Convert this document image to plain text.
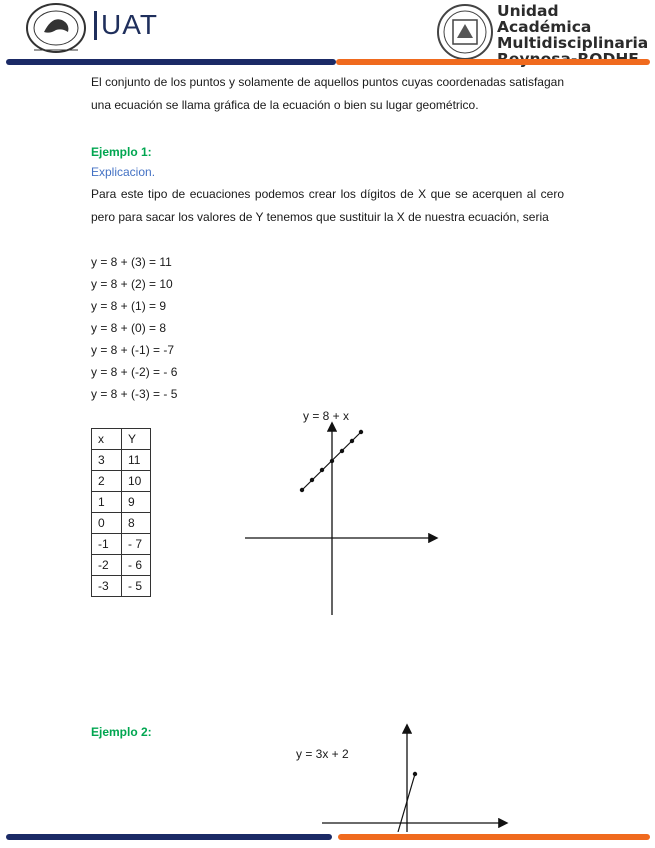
UAT	Unidad Académica
Multidisciplinaria
El conjunto de los puntos y solamente de aquellos puntos cuyas coordenadas satisfagan una ecuación se llama gráfica de la ecuación o bien su lugar geométrico.
Ejemplo 1:
Explicacion.
Para este tipo de ecuaciones podemos crear los dígitos de X que se acerquen al cero pero para sacar los valores de Y tenemos que sustituir la X de nuestra ecuación, seria
y = 8 + (3) = 11
y = 8 + (2) = 10
y = 8 + (1) = 9
y = 8 + (0) = 8
y = 8 + (-1) = -7
y = 8 + (-2) = - 6
y = 8 + (-3) = - 5
x	Y
3	11
2	10
1	9
0	8
-1	- 7
-2	- 6
-3	- 5
y = 8 + x
Ejemplo 2:
y = 3x + 2
